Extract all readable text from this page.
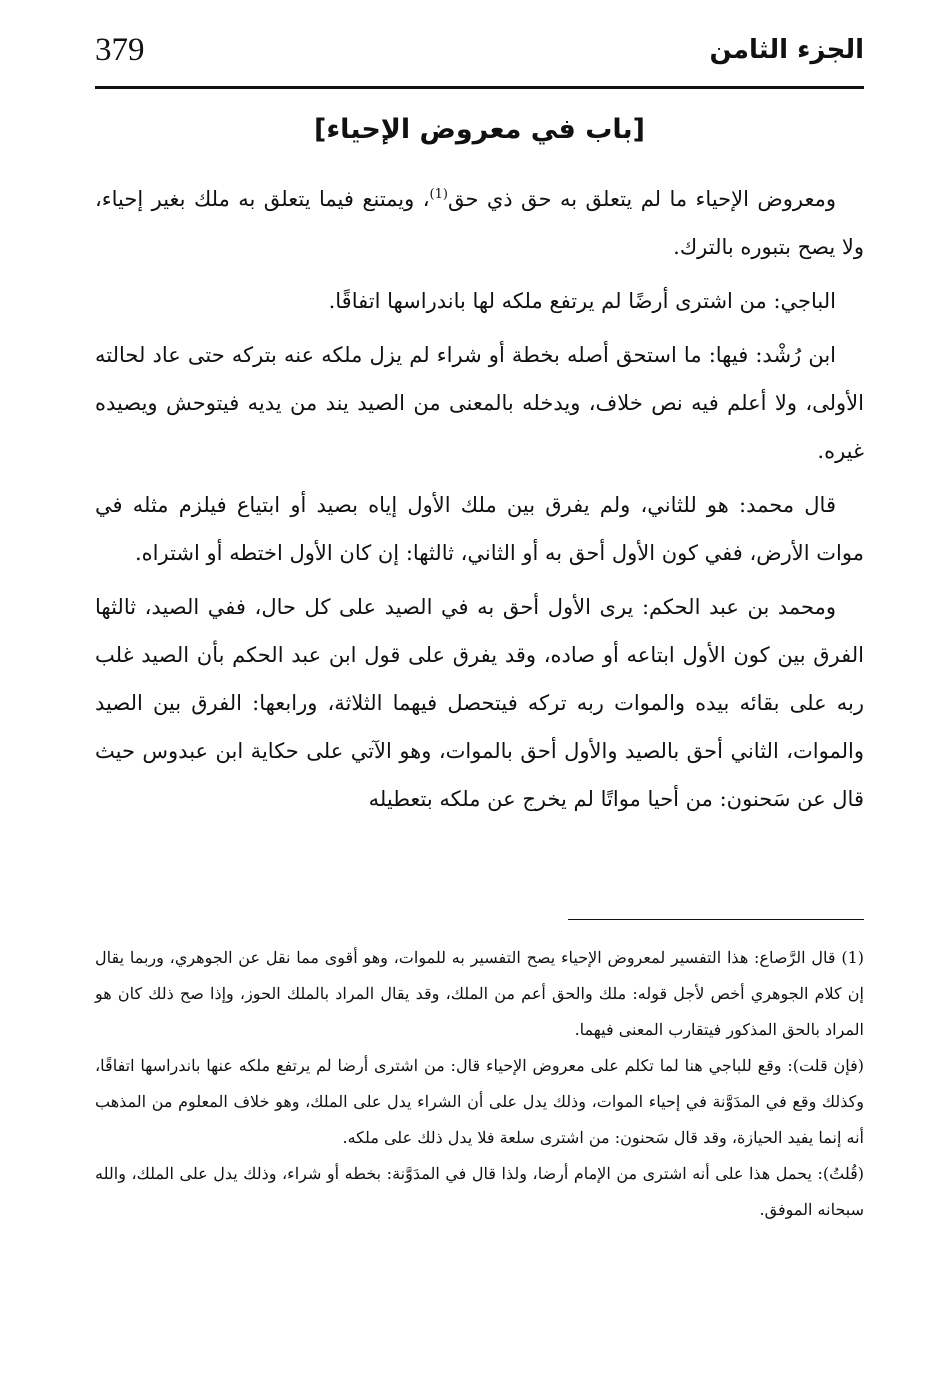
379	الجزء الثامن
[باب في معروض الإحياء]

ومعروض الإحياء ما لم يتعلق به حق ذي حق$^{(1)}$، ويمتنع فيما يتعلق به ملك بغير إحياء، ولا يصح بتبوره بالترك.

الباجي: من اشترى أرضًا لم يرتفع ملكه لها باندراسها اتفاقًا.

ابن رُشْد: فيها: ما استحق أصله بخطة أو شراء لم يزل ملكه عنه بتركه حتى عاد لحالته الأولى، ولا أعلم فيه نص خلاف، ويدخله بالمعنى من الصيد يند من يديه فيتوحش ويصيده غيره.

قال محمد: هو للثاني، ولم يفرق بين ملك الأول إياه بصيد أو ابتياع فيلزم مثله في موات الأرض، ففي كون الأول أحق به أو الثاني، ثالثها: إن كان الأول اختطه أو اشتراه.

ومحمد بن عبد الحكم: يرى الأول أحق به في الصيد على كل حال، ففي الصيد، ثالثها الفرق بين كون الأول ابتاعه أو صاده، وقد يفرق على قول ابن عبد الحكم بأن الصيد غلب ربه على بقائه بيده والموات ربه تركه فيتحصل فيهما الثلاثة، ورابعها: الفرق بين الصيد والموات، الثاني أحق بالصيد والأول أحق بالموات، وهو الآتي على حكاية ابن عبدوس حيث قال عن سَحنون: من أحيا مواتًا لم يخرج عن ملكه بتعطيله

(1) قال الرَّصاع: هذا التفسير لمعروض الإحياء يصح التفسير به للموات، وهو أقوى مما نقل عن الجوهري، وربما يقال إن كلام الجوهري أخص لأجل قوله: ملك والحق أعم من الملك، وقد يقال المراد بالملك الحوز، وإذا صح ذلك كان هو المراد بالحق المذكور فيتقارب المعنى فيهما.

(فإن قلت): وقع للباجي هنا لما تكلم على معروض الإحياء قال: من اشترى أرضا لم يرتفع ملكه عنها باندراسها اتفاقًا، وكذلك وقع في المدَوَّنة في إحياء الموات، وذلك يدل على أن الشراء يدل على الملك، وهو خلاف المعلوم من المذهب أنه إنما يفيد الحيازة، وقد قال سَحنون: من اشترى سلعة فلا يدل ذلك على ملكه.

(قُلتُ): يحمل هذا على أنه اشترى من الإمام أرضا، ولذا قال في المدَوَّنة: بخطه أو شراء، وذلك يدل على الملك، والله سبحانه الموفق.
